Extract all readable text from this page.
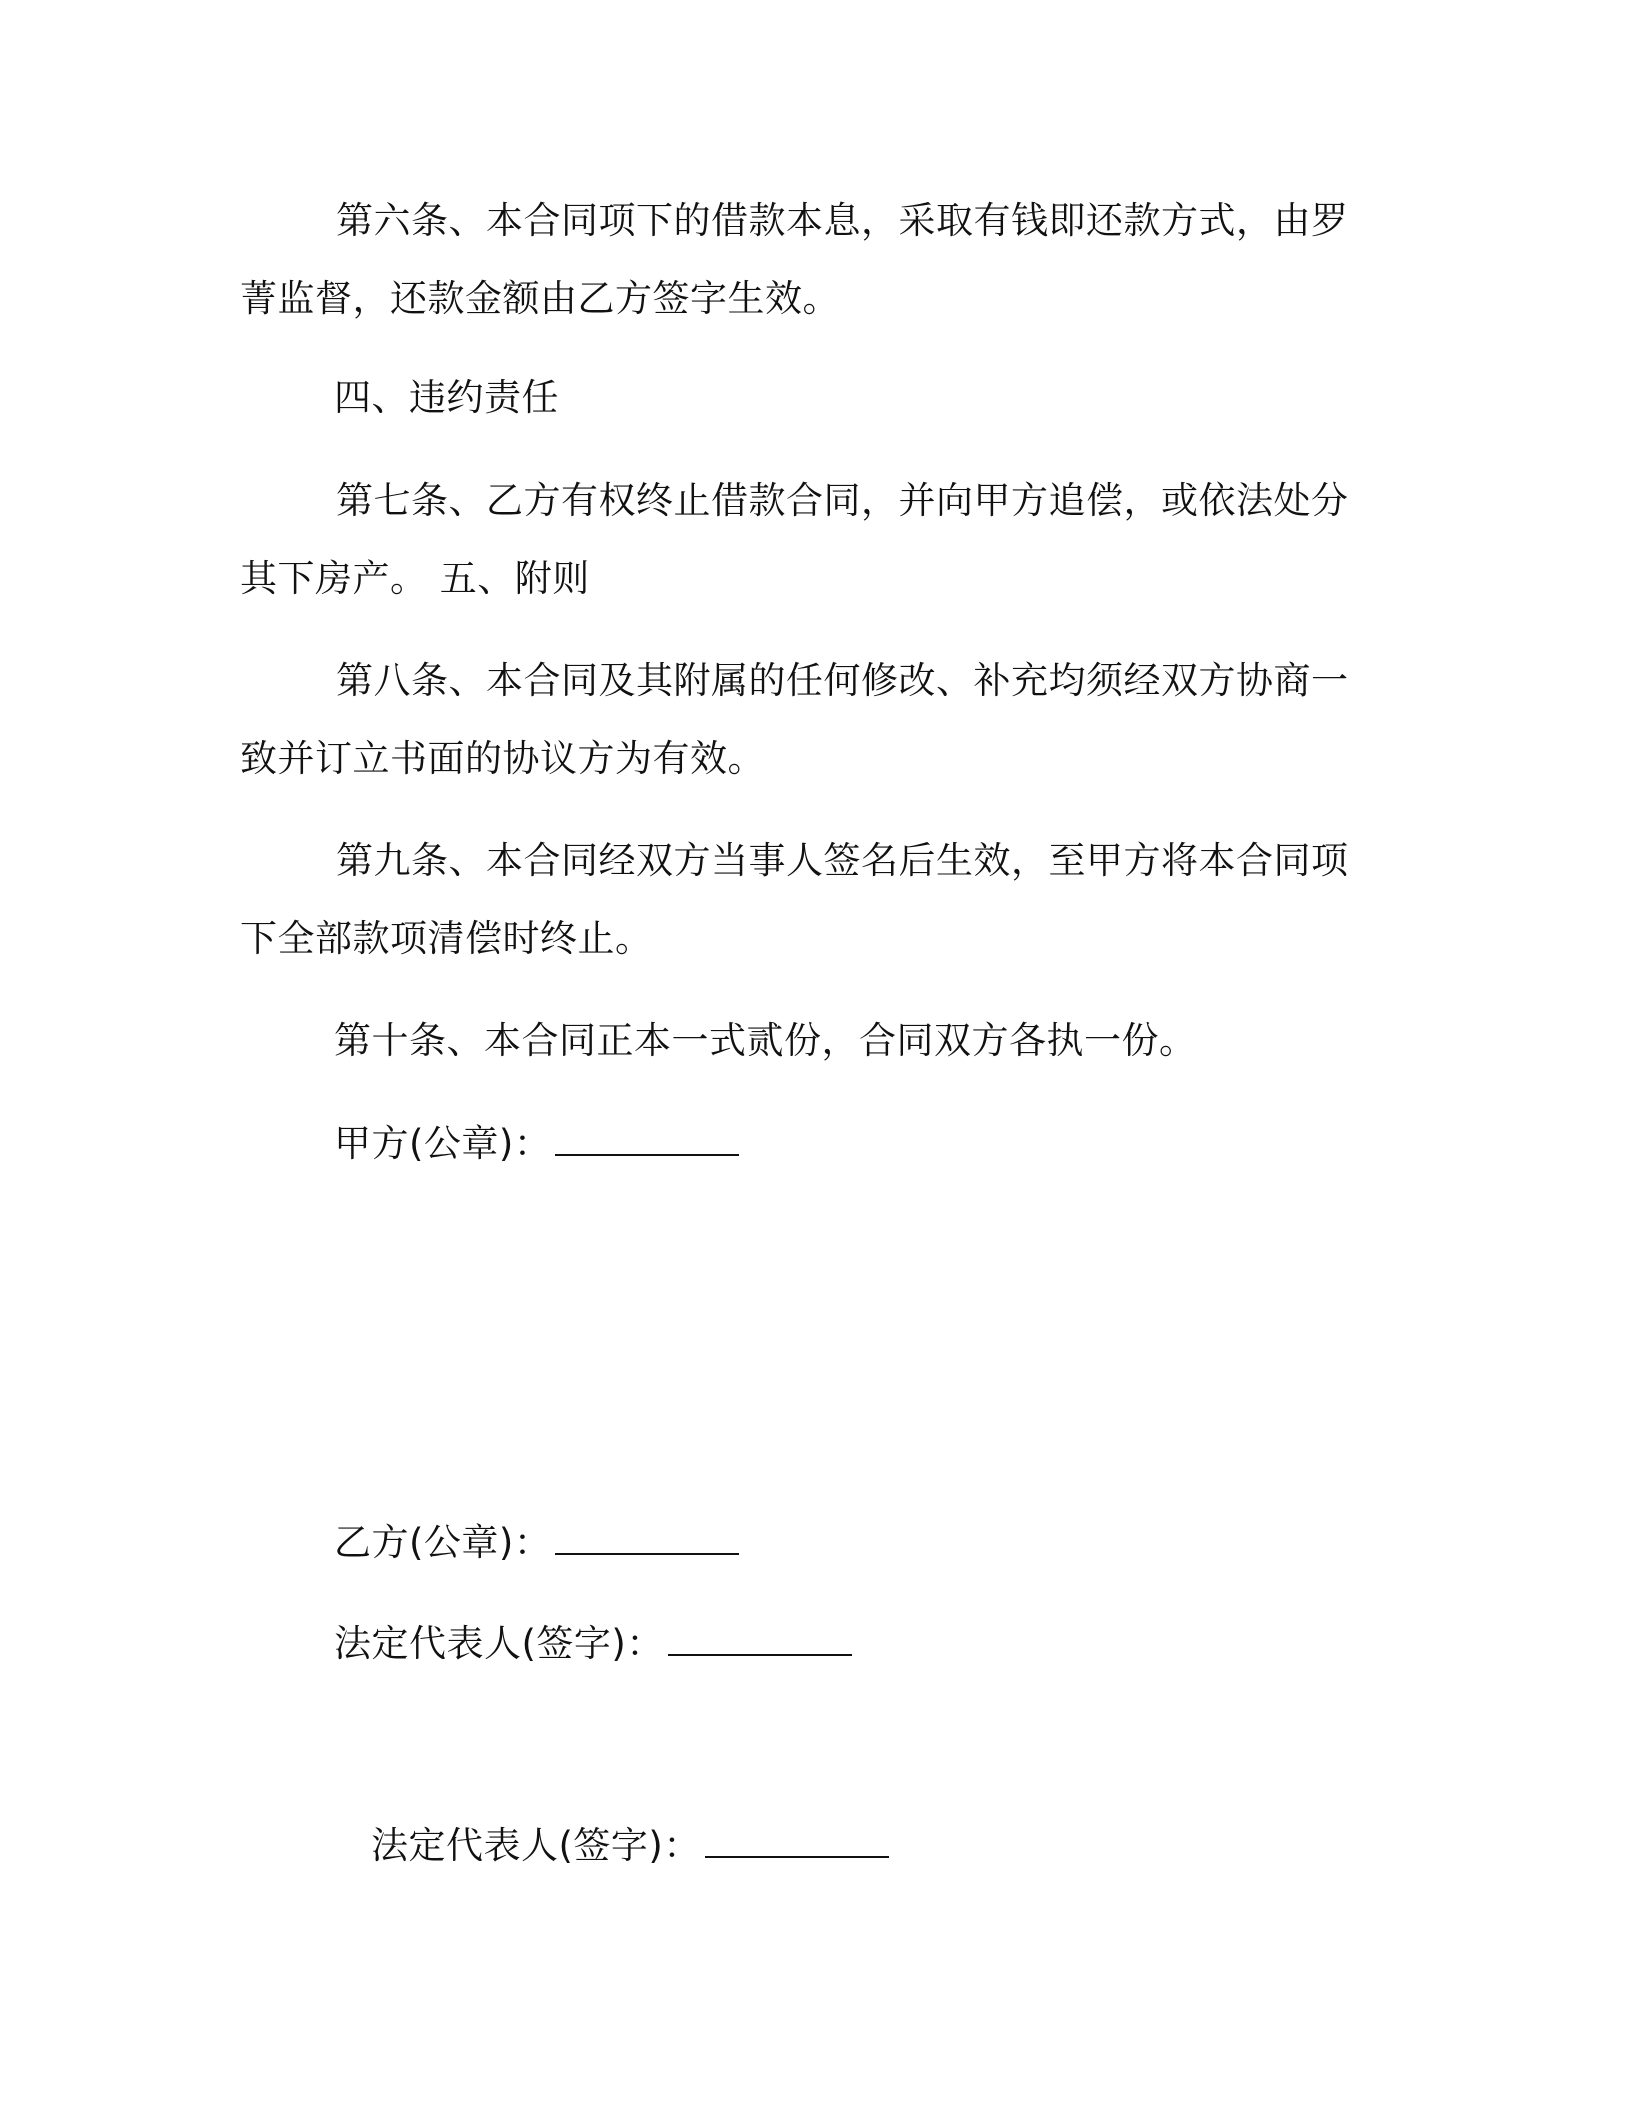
第六条、本合同项下的借款本息，采取有钱即还款方式，由罗菁监督，还款金额由乙方签字生效。

四、违约责任

第七条、乙方有权终止借款合同，并向甲方追偿，或依法处分其下房产。 五、附则

第八条、本合同及其附属的任何修改、补充均须经双方协商一致并订立书面的协议方为有效。

第九条、本合同经双方当事人签名后生效，至甲方将本合同项下全部款项清偿时终止。

第十条、本合同正本一式贰份，合同双方各执一份。

甲方(公章)：
乙方(公章)：
法定代表人(签字)：
法定代表人(签字)：
